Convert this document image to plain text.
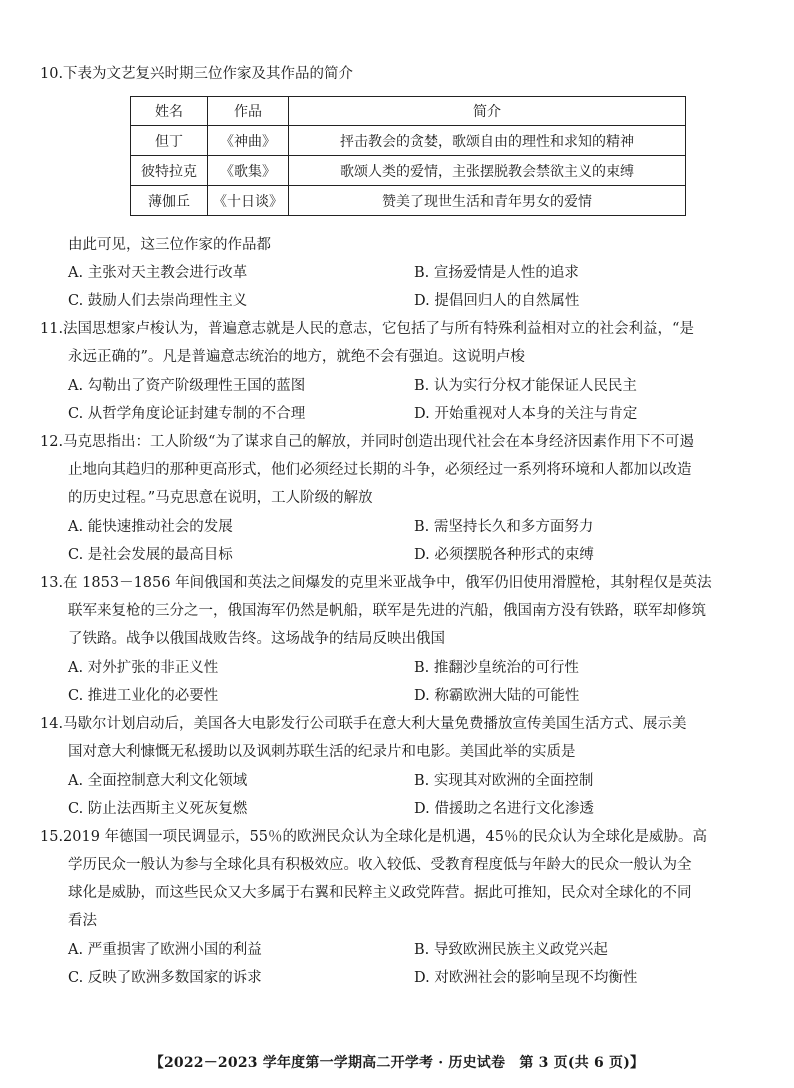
10.下表为文艺复兴时期三位作家及其作品的简介
姓名	作品	简介
但丁	《神曲》	抨击教会的贪婪，歌颂自由的理性和求知的精神
彼特拉克	《歌集》	歌颂人类的爱情，主张摆脱教会禁欲主义的束缚
薄伽丘	《十日谈》	赞美了现世生活和青年男女的爱情
由此可见，这三位作家的作品都
A. 主张对天主教会进行改革	B. 宣扬爱情是人性的追求
C. 鼓励人们去崇尚理性主义	D. 提倡回归人的自然属性
11.法国思想家卢梭认为，普遍意志就是人民的意志，它包括了与所有特殊利益相对立的社会利益，“是
永远正确的”。凡是普遍意志统治的地方，就绝不会有强迫。这说明卢梭
A. 勾勒出了资产阶级理性王国的蓝图	B. 认为实行分权才能保证人民民主
C. 从哲学角度论证封建专制的不合理	D. 开始重视对人本身的关注与肯定
12.马克思指出：工人阶级“为了谋求自己的解放，并同时创造出现代社会在本身经济因素作用下不可遏
止地向其趋归的那种更高形式，他们必须经过长期的斗争，必须经过一系列将环境和人都加以改造
的历史过程。”马克思意在说明，工人阶级的解放
A. 能快速推动社会的发展	B. 需坚持长久和多方面努力
C. 是社会发展的最高目标	D. 必须摆脱各种形式的束缚
13.在 1853－1856 年间俄国和英法之间爆发的克里米亚战争中，俄军仍旧使用滑膛枪，其射程仅是英法
联军来复枪的三分之一，俄国海军仍然是帆船，联军是先进的汽船，俄国南方没有铁路，联军却修筑
了铁路。战争以俄国战败告终。这场战争的结局反映出俄国
A. 对外扩张的非正义性	B. 推翻沙皇统治的可行性
C. 推进工业化的必要性	D. 称霸欧洲大陆的可能性
14.马歇尔计划启动后，美国各大电影发行公司联手在意大利大量免费播放宣传美国生活方式、展示美
国对意大利慷慨无私援助以及讽刺苏联生活的纪录片和电影。美国此举的实质是
A. 全面控制意大利文化领域	B. 实现其对欧洲的全面控制
C. 防止法西斯主义死灰复燃	D. 借援助之名进行文化渗透
15.2019 年德国一项民调显示，55％的欧洲民众认为全球化是机遇，45％的民众认为全球化是威胁。高
学历民众一般认为参与全球化具有积极效应。收入较低、受教育程度低与年龄大的民众一般认为全
球化是威胁，而这些民众又大多属于右翼和民粹主义政党阵营。据此可推知，民众对全球化的不同
看法
A. 严重损害了欧洲小国的利益	B. 导致欧洲民族主义政党兴起
C. 反映了欧洲多数国家的诉求	D. 对欧洲社会的影响呈现不均衡性
【2022－2023 学年度第一学期高二开学考 · 历史试卷　第 3 页(共 6 页)】
